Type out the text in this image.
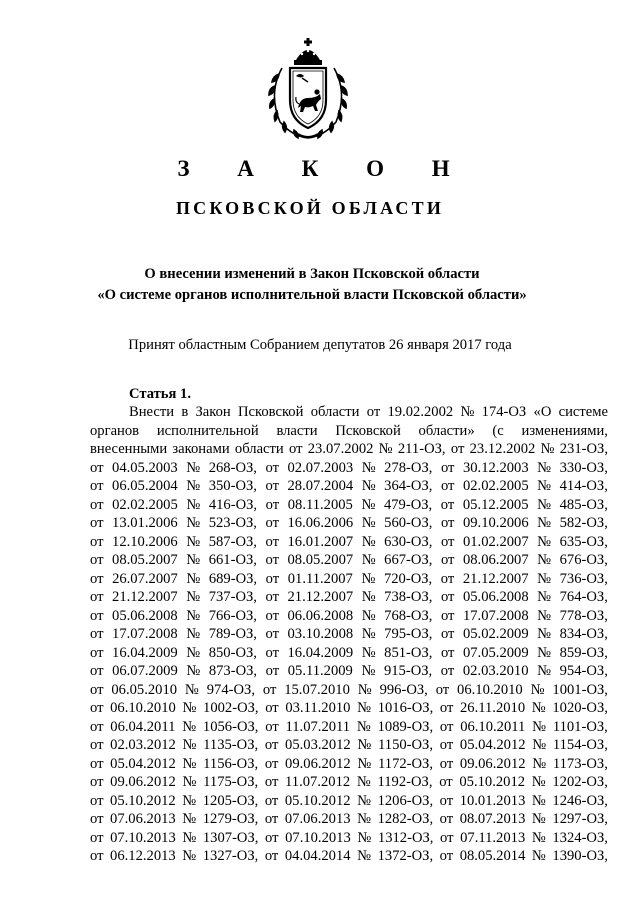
З А К О Н
ПСКОВСКОЙ ОБЛАСТИ
О внесении изменений в Закон Псковской области
«О системе органов исполнительной власти Псковской области»
Принят областным Собранием депутатов 26 января 2017 года
Статья 1.
Внести в Закон Псковской области от 19.02.2002 № 174-ОЗ «О системе
органов исполнительной власти Псковской области» (с изменениями,
внесенными законами области от 23.07.2002 № 211-ОЗ, от 23.12.2002 № 231-ОЗ,
от 04.05.2003 № 268-ОЗ, от 02.07.2003 № 278-ОЗ, от 30.12.2003 № 330-ОЗ,
от 06.05.2004 № 350-ОЗ, от 28.07.2004 № 364-ОЗ, от 02.02.2005 № 414-ОЗ,
от 02.02.2005 № 416-ОЗ, от 08.11.2005 № 479-ОЗ, от 05.12.2005 № 485-ОЗ,
от 13.01.2006 № 523-ОЗ, от 16.06.2006 № 560-ОЗ, от 09.10.2006 № 582-ОЗ,
от 12.10.2006 № 587-ОЗ, от 16.01.2007 № 630-ОЗ, от 01.02.2007 № 635-ОЗ,
от 08.05.2007 № 661-ОЗ, от 08.05.2007 № 667-ОЗ, от 08.06.2007 № 676-ОЗ,
от 26.07.2007 № 689-ОЗ, от 01.11.2007 № 720-ОЗ, от 21.12.2007 № 736-ОЗ,
от 21.12.2007 № 737-ОЗ, от 21.12.2007 № 738-ОЗ, от 05.06.2008 № 764-ОЗ,
от 05.06.2008 № 766-ОЗ, от 06.06.2008 № 768-ОЗ, от 17.07.2008 № 778-ОЗ,
от 17.07.2008 № 789-ОЗ, от 03.10.2008 № 795-ОЗ, от 05.02.2009 № 834-ОЗ,
от 16.04.2009 № 850-ОЗ, от 16.04.2009 № 851-ОЗ, от 07.05.2009 № 859-ОЗ,
от 06.07.2009 № 873-ОЗ, от 05.11.2009 № 915-ОЗ, от 02.03.2010 № 954-ОЗ,
от 06.05.2010 № 974-ОЗ, от 15.07.2010 № 996-ОЗ, от 06.10.2010 № 1001-ОЗ,
от 06.10.2010 № 1002-ОЗ, от 03.11.2010 № 1016-ОЗ, от 26.11.2010 № 1020-ОЗ,
от 06.04.2011 № 1056-ОЗ, от 11.07.2011 № 1089-ОЗ, от 06.10.2011 № 1101-ОЗ,
от 02.03.2012 № 1135-ОЗ, от 05.03.2012 № 1150-ОЗ, от 05.04.2012 № 1154-ОЗ,
от 05.04.2012 № 1156-ОЗ, от 09.06.2012 № 1172-ОЗ, от 09.06.2012 № 1173-ОЗ,
от 09.06.2012 № 1175-ОЗ, от 11.07.2012 № 1192-ОЗ, от 05.10.2012 № 1202-ОЗ,
от 05.10.2012 № 1205-ОЗ, от 05.10.2012 № 1206-ОЗ, от 10.01.2013 № 1246-ОЗ,
от 07.06.2013 № 1279-ОЗ, от 07.06.2013 № 1282-ОЗ, от 08.07.2013 № 1297-ОЗ,
от 07.10.2013 № 1307-ОЗ, от 07.10.2013 № 1312-ОЗ, от 07.11.2013 № 1324-ОЗ,
от 06.12.2013 № 1327-ОЗ, от 04.04.2014 № 1372-ОЗ, от 08.05.2014 № 1390-ОЗ,
